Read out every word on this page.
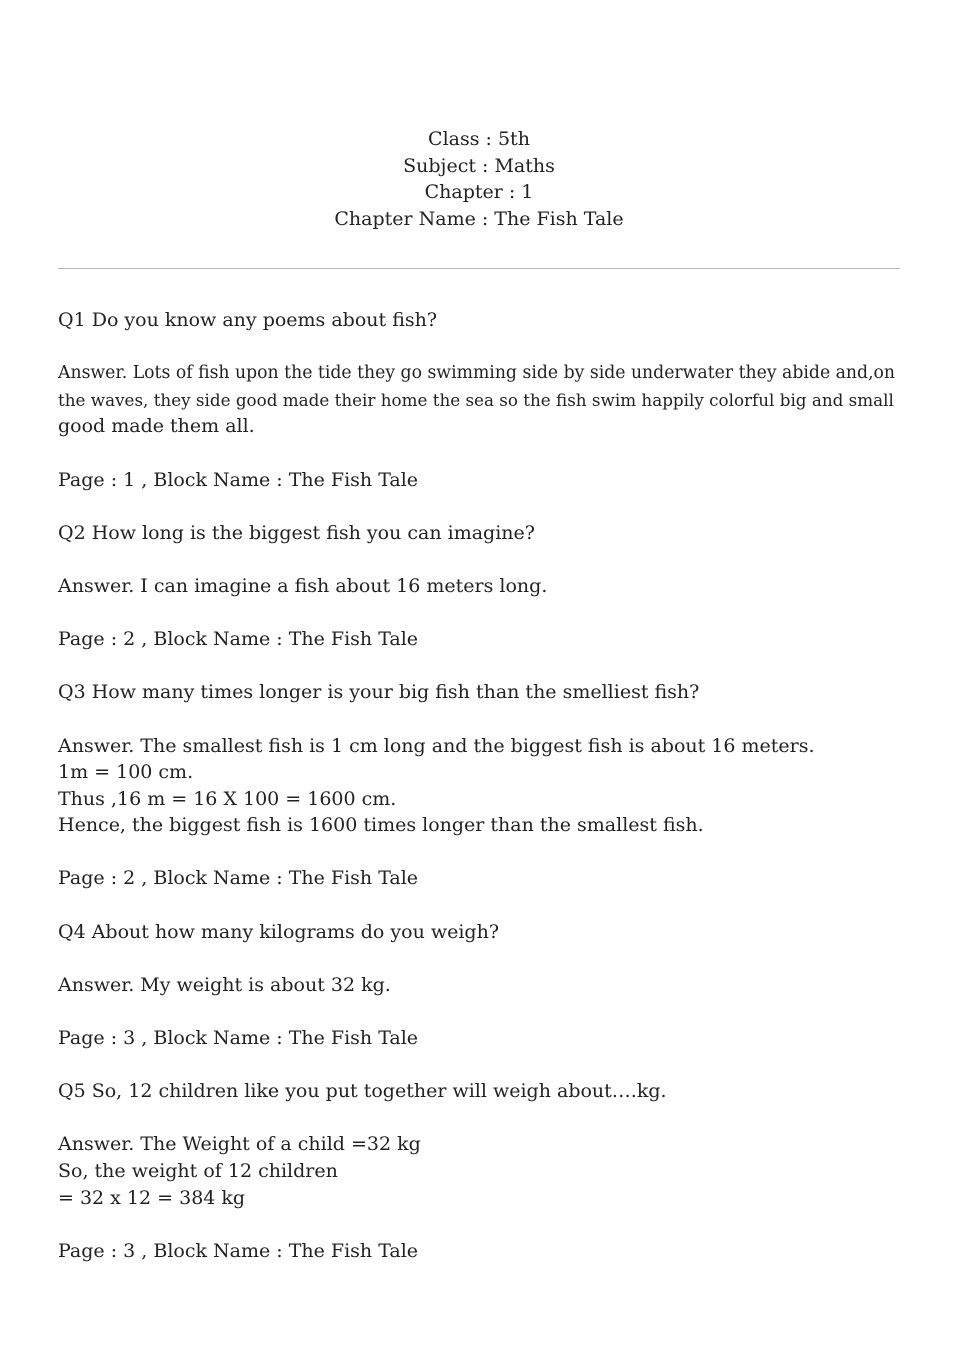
Class : 5th
Subject : Maths
Chapter : 1
Chapter Name : The Fish Tale

Q1 Do you know any poems about fish?

Answer. Lots of fish upon the tide they go swimming side by side underwater they abide and,on
the waves, they side good made their home the sea so the fish swim happily colorful big and small
good made them all.

Page : 1 , Block Name : The Fish Tale

Q2 How long is the biggest fish you can imagine?

Answer. I can imagine a fish about 16 meters long.

Page : 2 , Block Name : The Fish Tale

Q3 How many times longer is your big fish than the smelliest fish?

Answer. The smallest fish is 1 cm long and the biggest fish is about 16 meters.
1m = 100 cm.
Thus ,16 m = 16 X 100 = 1600 cm.
Hence, the biggest fish is 1600 times longer than the smallest fish.

Page : 2 , Block Name : The Fish Tale

Q4 About how many kilograms do you weigh?

Answer. My weight is about 32 kg.

Page : 3 , Block Name : The Fish Tale

Q5 So, 12 children like you put together will weigh about….kg.

Answer. The Weight of a child =32 kg
So, the weight of 12 children
= 32 x 12 = 384 kg

Page : 3 , Block Name : The Fish Tale
